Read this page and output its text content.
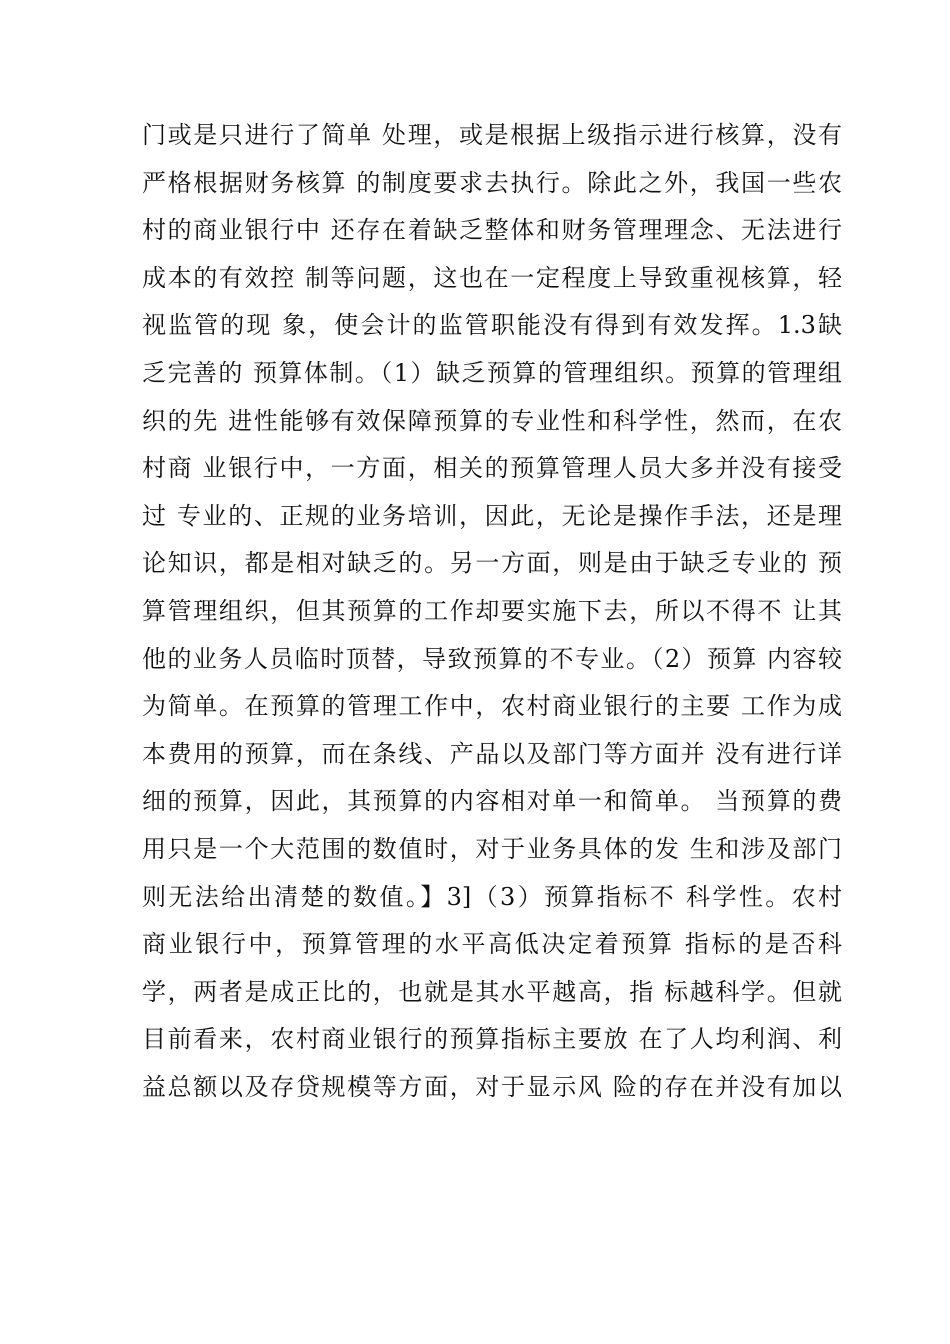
门或是只进行了简单 处理，或是根据上级指示进行核算，没有
严格根据财务核算 的制度要求去执行。除此之外，我国一些农
村的商业银行中 还存在着缺乏整体和财务管理理念、无法进行
成本的有效控 制等问题，这也在一定程度上导致重视核算，轻
视监管的现 象，使会计的监管职能没有得到有效发挥。1.3缺
乏完善的 预算体制。（1）缺乏预算的管理组织。预算的管理组
织的先 进性能够有效保障预算的专业性和科学性，然而，在农
村商 业银行中，一方面，相关的预算管理人员大多并没有接受
过 专业的、正规的业务培训，因此，无论是操作手法，还是理
论知识，都是相对缺乏的。另一方面，则是由于缺乏专业的 预
算管理组织，但其预算的工作却要实施下去，所以不得不 让其
他的业务人员临时顶替，导致预算的不专业。（2）预算 内容较
为简单。在预算的管理工作中，农村商业银行的主要 工作为成
本费用的预算，而在条线、产品以及部门等方面并 没有进行详
细的预算，因此，其预算的内容相对单一和简单。 当预算的费
用只是一个大范围的数值时，对于业务具体的发 生和涉及部门
则无法给出清楚的数值。】3]（3）预算指标不 科学性。农村
商业银行中，预算管理的水平高低决定着预算 指标的是否科
学，两者是成正比的，也就是其水平越高，指 标越科学。但就
目前看来，农村商业银行的预算指标主要放 在了人均利润、利
益总额以及存贷规模等方面，对于显示风 险的存在并没有加以
